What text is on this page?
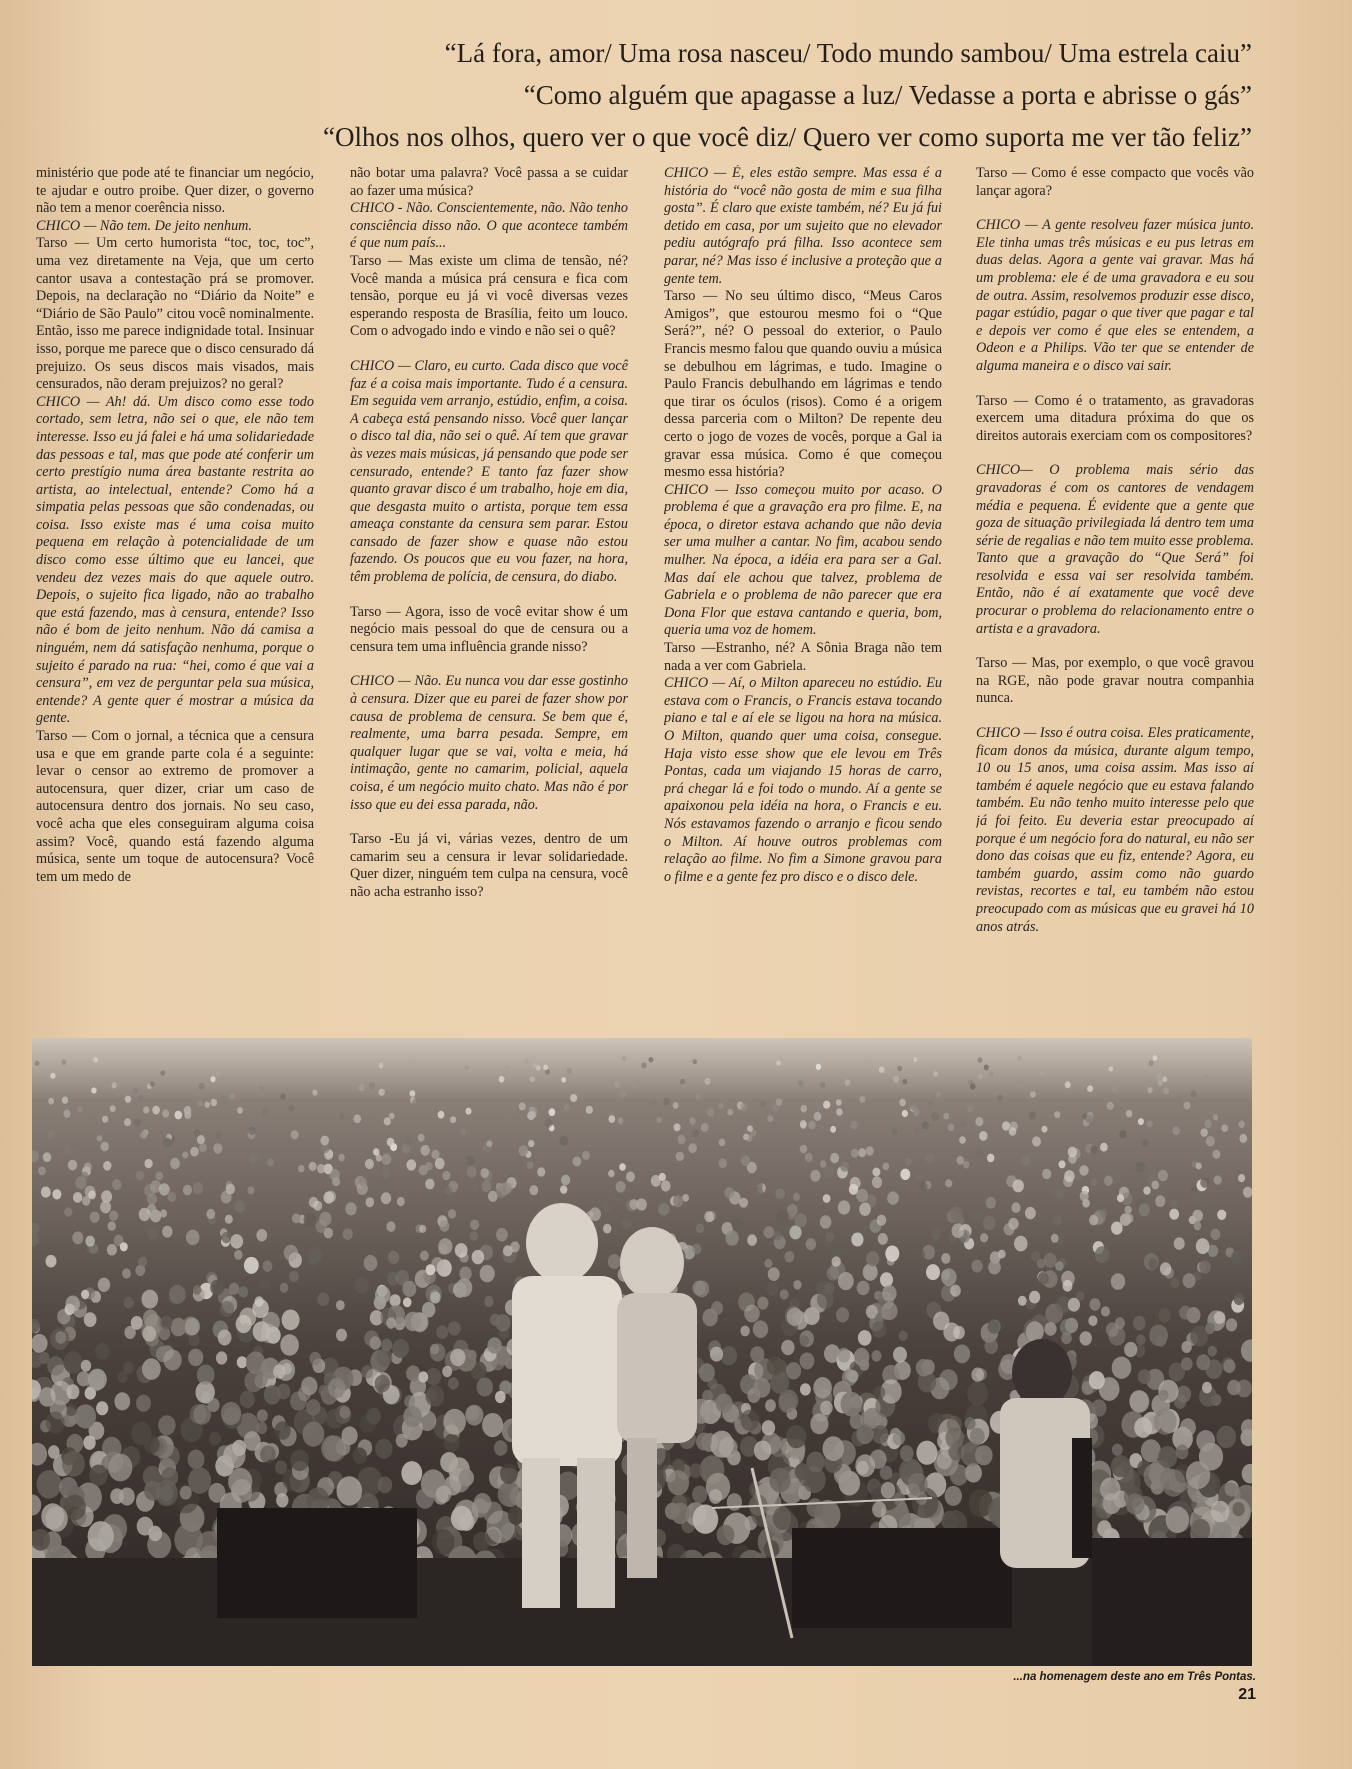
“Lá fora, amor/ Uma rosa nasceu/ Todo mundo sambou/ Uma estrela caiu”
“Como alguém que apagasse a luz/ Vedasse a porta e abrisse o gás”
“Olhos nos olhos, quero ver o que você diz/ Quero ver como suporta me ver tão feliz”

ministério que pode até te financiar um negócio, te ajudar e outro proibe. Quer dizer, o governo não tem a menor coerência nisso.

CHICO — Não tem. De jeito nenhum.

Tarso — Um certo humorista “toc, toc, toc”, uma vez diretamente na Veja, que um certo cantor usava a contestação prá se promover. Depois, na declaração no “Diário da Noite” e “Diário de São Paulo” citou você nominalmente. Então, isso me parece indignidade total. Insinuar isso, porque me parece que o disco censurado dá prejuizo. Os seus discos mais visados, mais censurados, não deram prejuizos? no geral?

CHICO — Ah! dá. Um disco como esse todo cortado, sem letra, não sei o que, ele não tem interesse. Isso eu já falei e há uma solidariedade das pessoas e tal, mas que pode até conferir um certo prestígio numa área bastante restrita ao artista, ao intelectual, entende? Como há a simpatia pelas pessoas que são condenadas, ou coisa. Isso existe mas é uma coisa muito pequena em relação à potencialidade de um disco como esse último que eu lancei, que vendeu dez vezes mais do que aquele outro. Depois, o sujeito fica ligado, não ao trabalho que está fazendo, mas à censura, entende? Isso não é bom de jeito nenhum. Não dá camisa a ninguém, nem dá satisfação nenhuma, porque o sujeito é parado na rua: “hei, como é que vai a censura”, em vez de perguntar pela sua música, entende? A gente quer é mostrar a música da gente.

Tarso — Com o jornal, a técnica que a censura usa e que em grande parte cola é a seguinte: levar o censor ao extremo de promover a autocensura, quer dizer, criar um caso de autocensura dentro dos jornais. No seu caso, você acha que eles conseguiram alguma coisa assim? Você, quando está fazendo alguma música, sente um toque de autocensura? Você tem um medo de

não botar uma palavra? Você passa a se cuidar ao fazer uma música?

CHICO - Não. Conscientemente, não. Não tenho consciência disso não. O que acontece também é que num país...

Tarso — Mas existe um clima de tensão, né? Você manda a música prá censura e fica com tensão, porque eu já vi você diversas vezes esperando resposta de Brasília, feito um louco. Com o advogado indo e vindo e não sei o quê?

CHICO — Claro, eu curto. Cada disco que você faz é a coisa mais importante. Tudo é a censura. Em seguida vem arranjo, estúdio, enfim, a coisa. A cabeça está pensando nisso. Você quer lançar o disco tal dia, não sei o quê. Aí tem que gravar às vezes mais músicas, já pensando que pode ser censurado, entende? E tanto faz fazer show quanto gravar disco é um trabalho, hoje em dia, que desgasta muito o artista, porque tem essa ameaça constante da censura sem parar. Estou cansado de fazer show e quase não estou fazendo. Os poucos que eu vou fazer, na hora, têm problema de polícia, de censura, do diabo.

Tarso — Agora, isso de você evitar show é um negócio mais pessoal do que de censura ou a censura tem uma influência grande nisso?

CHICO — Não. Eu nunca vou dar esse gostinho à censura. Dizer que eu parei de fazer show por causa de problema de censura. Se bem que é, realmente, uma barra pesada. Sempre, em qualquer lugar que se vai, volta e meia, há intimação, gente no camarim, policial, aquela coisa, é um negócio muito chato. Mas não é por isso que eu dei essa parada, não.

Tarso -Eu já vi, várias vezes, dentro de um camarim seu a censura ir levar solidariedade. Quer dizer, ninguém tem culpa na censura, você não acha estranho isso?

CHICO — É, eles estão sempre. Mas essa é a história do “você não gosta de mim e sua filha gosta”. É claro que existe também, né? Eu já fui detido em casa, por um sujeito que no elevador pediu autógrafo prá filha. Isso acontece sem parar, né? Mas isso é inclusive a proteção que a gente tem.

Tarso — No seu último disco, “Meus Caros Amigos”, que estourou mesmo foi o “Que Será?”, né? O pessoal do exterior, o Paulo Francis mesmo falou que quando ouviu a música se debulhou em lágrimas, e tudo. Imagine o Paulo Francis debulhando em lágrimas e tendo que tirar os óculos (risos). Como é a origem dessa parceria com o Milton? De repente deu certo o jogo de vozes de vocês, porque a Gal ia gravar essa música. Como é que começou mesmo essa história?

CHICO — Isso começou muito por acaso. O problema é que a gravação era pro filme. E, na época, o diretor estava achando que não devia ser uma mulher a cantar. No fim, acabou sendo mulher. Na época, a idéia era para ser a Gal. Mas daí ele achou que talvez, problema de Gabriela e o problema de não parecer que era Dona Flor que estava cantando e queria, bom, queria uma voz de homem.

Tarso —Estranho, né? A Sônia Braga não tem nada a ver com Gabriela.

CHICO — Aí, o Milton apareceu no estúdio. Eu estava com o Francis, o Francis estava tocando piano e tal e aí ele se ligou na hora na música. O Milton, quando quer uma coisa, consegue. Haja visto esse show que ele levou em Três Pontas, cada um viajando 15 horas de carro, prá chegar lá e foi todo o mundo. Aí a gente se apaixonou pela idéia na hora, o Francis e eu. Nós estavamos fazendo o arranjo e ficou sendo o Milton. Aí houve outros problemas com relação ao filme. No fim a Simone gravou para o filme e a gente fez pro disco e o disco dele.

Tarso — Como é esse compacto que vocês vão lançar agora?

CHICO — A gente resolveu fazer música junto. Ele tinha umas três músicas e eu pus letras em duas delas. Agora a gente vai gravar. Mas há um problema: ele é de uma gravadora e eu sou de outra. Assim, resolvemos produzir esse disco, pagar estúdio, pagar o que tiver que pagar e tal e depois ver como é que eles se entendem, a Odeon e a Philips. Vão ter que se entender de alguma maneira e o disco vai sair.

Tarso — Como é o tratamento, as gravadoras exercem uma ditadura próxima do que os direitos autorais exerciam com os compositores?

CHICO— O problema mais sério das gravadoras é com os cantores de vendagem média e pequena. É evidente que a gente que goza de situação privilegiada lá dentro tem uma série de regalias e não tem muito esse problema. Tanto que a gravação do “Que Será” foi resolvida e essa vai ser resolvida também. Então, não é aí exatamente que você deve procurar o problema do relacionamento entre o artista e a gravadora.

Tarso — Mas, por exemplo, o que você gravou na RGE, não pode gravar noutra companhia nunca.

CHICO — Isso é outra coisa. Eles praticamente, ficam donos da música, durante algum tempo, 10 ou 15 anos, uma coisa assim. Mas isso aí também é aquele negócio que eu estava falando também. Eu não tenho muito interesse pelo que já foi feito. Eu deveria estar preocupado aí porque é um negócio fora do natural, eu não ser dono das coisas que eu fiz, entende? Agora, eu também guardo, assim como não guardo revistas, recortes e tal, eu também não estou preocupado com as músicas que eu gravei há 10 anos atrás.

...na homenagem deste ano em Três Pontas.
21
